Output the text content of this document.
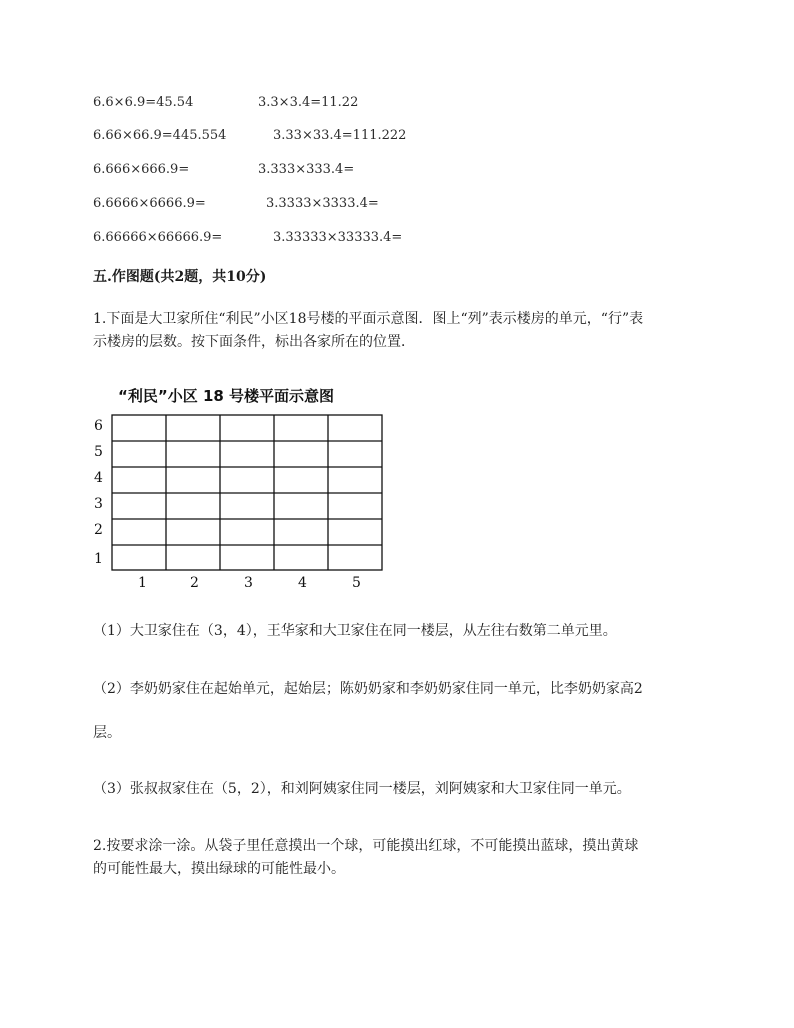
6.6×6.9=45.54	3.3×3.4=11.22
6.66×66.9=445.554	3.33×33.4=111.222
6.666×666.9=	3.333×333.4=
6.6666×6666.9=	3.3333×3333.4=
6.66666×66666.9=	3.33333×33333.4=
五.作图题(共2题，共10分)
1.下面是大卫家所住“利民”小区18号楼的平面示意图．图上“列”表示楼房的单元，“行”表
示楼房的层数。按下面条件，标出各家所在的位置．
“利民”小区 18 号楼平面示意图
6
5
4
3
2
1
1	2	3	4	5
（1）大卫家住在（3，4），王华家和大卫家住在同一楼层，从左往右数第二单元里。
（2）李奶奶家住在起始单元，起始层；陈奶奶家和李奶奶家住同一单元，比李奶奶家高2
层。
（3）张叔叔家住在（5，2），和刘阿姨家住同一楼层，刘阿姨家和大卫家住同一单元。
2.按要求涂一涂。从袋子里任意摸出一个球，可能摸出红球，不可能摸出蓝球，摸出黄球
的可能性最大，摸出绿球的可能性最小。
